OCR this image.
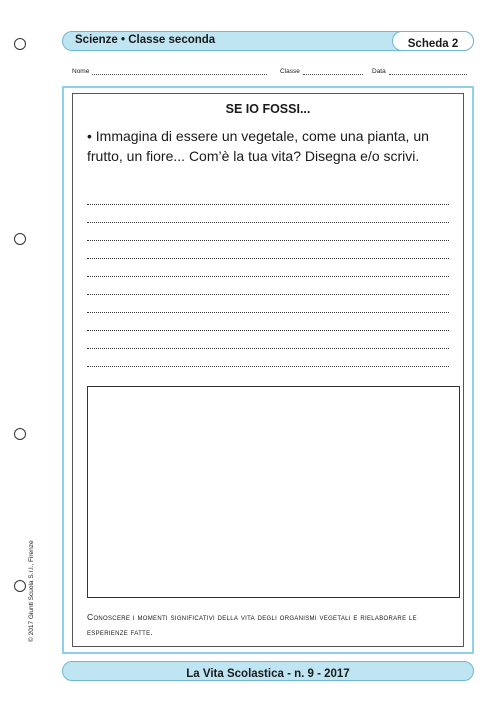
Scienze • Classe seconda	Scheda 2
Nome	Classe	Data
SE IO FOSSI...
• Immagina di essere un vegetale, come una pianta, un frutto, un fiore... Com’è la tua vita? Disegna e/o scrivi.
Conoscere i momenti significativi della vita degli organismi vegetali e rielaborare le esperienze fatte.
© 2017 Giunti Scuola S.r.l., Firenze
La Vita Scolastica - n. 9 - 2017
